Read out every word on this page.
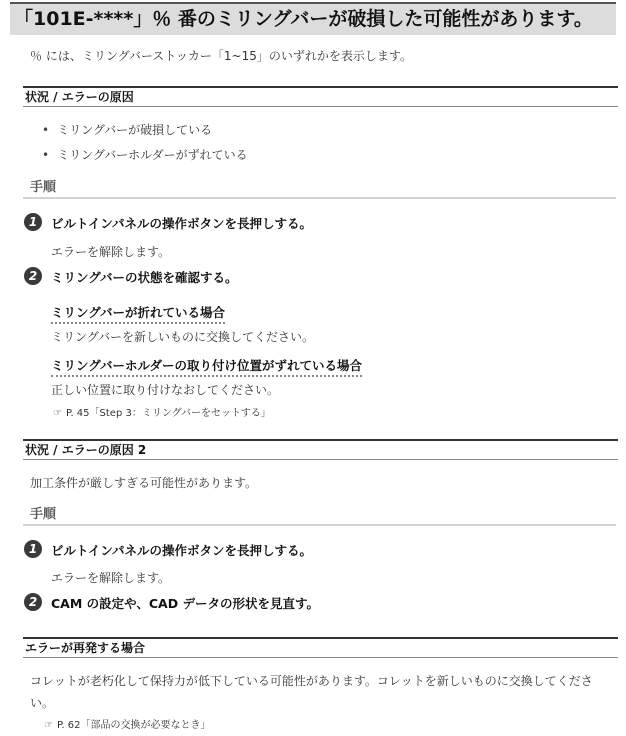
「101E-****」％ 番のミリングバーが破損した可能性があります。
％ には、ミリングバーストッカー「1~15」のいずれかを表示します。
状況 / エラーの原因
• ミリングバーが破損している
• ミリングバーホルダーがずれている
手順
1	ビルトインパネルの操作ボタンを長押しする。
エラーを解除します。
2	ミリングバーの状態を確認する。
ミリングバーが折れている場合
ミリングバーを新しいものに交換してください。
ミリングバーホルダーの取り付け位置がずれている場合
正しい位置に取り付けなおしてください。
☞ P. 45「Step 3：ミリングバーをセットする」
状況 / エラーの原因 2
加工条件が厳しすぎる可能性があります。
手順
1	ビルトインパネルの操作ボタンを長押しする。
エラーを解除します。
2	CAM の設定や、CAD データの形状を見直す。
エラーが再発する場合
コレットが老朽化して保持力が低下している可能性があります。コレットを新しいものに交換してくださ
い。
☞ P. 62「部品の交換が必要なとき」
